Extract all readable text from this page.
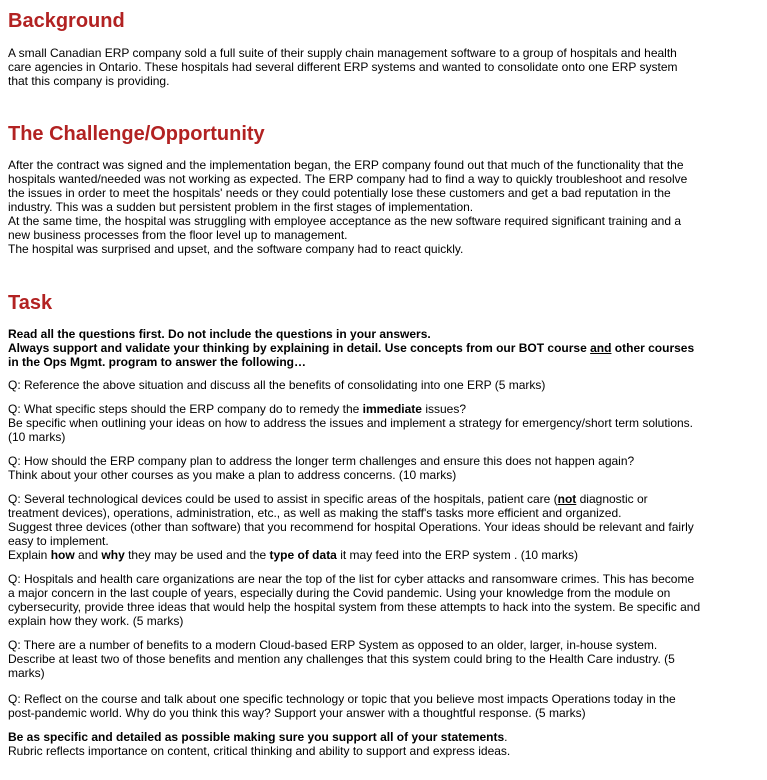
Background

A small Canadian ERP company sold a full suite of their supply chain management software to a group of hospitals and health

care agencies in Ontario. These hospitals had several different ERP systems and wanted to consolidate onto one ERP system

that this company is providing.

The Challenge/Opportunity

After the contract was signed and the implementation began, the ERP company found out that much of the functionality that the

hospitals wanted/needed was not working as expected. The ERP company had to find a way to quickly troubleshoot and resolve

the issues in order to meet the hospitals' needs or they could potentially lose these customers and get a bad reputation in the

industry. This was a sudden but persistent problem in the first stages of implementation.

At the same time, the hospital was struggling with employee acceptance as the new software required significant training and a

new business processes from the floor level up to management.

The hospital was surprised and upset, and the software company had to react quickly.

Task

Read all the questions first. Do not include the questions in your answers.

Always support and validate your thinking by explaining in detail. Use concepts from our BOT course and other courses

in the Ops Mgmt. program to answer the following…

Q: Reference the above situation and discuss all the benefits of consolidating into one ERP (5 marks)

Q: What specific steps should the ERP company do to remedy the immediate issues?

Be specific when outlining your ideas on how to address the issues and implement a strategy for emergency/short term solutions.

(10 marks)

Q: How should the ERP company plan to address the longer term challenges and ensure this does not happen again?

Think about your other courses as you make a plan to address concerns. (10 marks)

Q: Several technological devices could be used to assist in specific areas of the hospitals, patient care (not diagnostic or

treatment devices), operations, administration, etc., as well as making the staff's tasks more efficient and organized.

Suggest three devices (other than software) that you recommend for hospital Operations. Your ideas should be relevant and fairly

easy to implement.

Explain how and why they may be used and the type of data it may feed into the ERP system . (10 marks)

Q: Hospitals and health care organizations are near the top of the list for cyber attacks and ransomware crimes. This has become

a major concern in the last couple of years, especially during the Covid pandemic. Using your knowledge from the module on

cybersecurity, provide three ideas that would help the hospital system from these attempts to hack into the system. Be specific and

explain how they work. (5 marks)

Q: There are a number of benefits to a modern Cloud-based ERP System as opposed to an older, larger, in-house system.

Describe at least two of those benefits and mention any challenges that this system could bring to the Health Care industry. (5

marks)

Q: Reflect on the course and talk about one specific technology or topic that you believe most impacts Operations today in the

post-pandemic world. Why do you think this way? Support your answer with a thoughtful response. (5 marks)

Be as specific and detailed as possible making sure you support all of your statements.

Rubric reflects importance on content, critical thinking and ability to support and express ideas.
